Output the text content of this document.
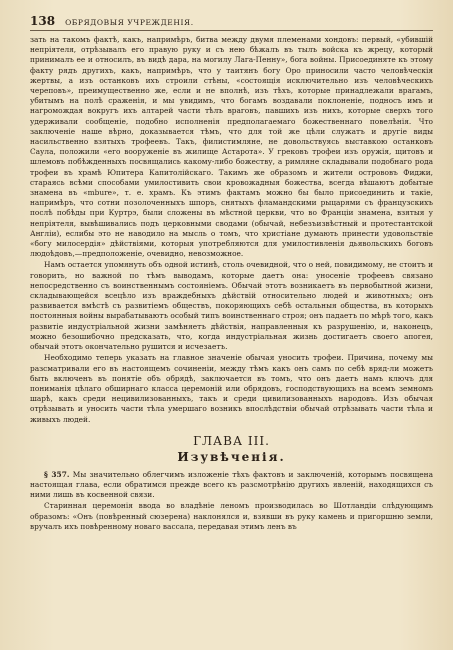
138 ОБРЯДОВЫЯ УЧРЕЖДЕНІЯ.

зать на такомъ фактѣ, какъ, напримѣръ, битва между двумя племенами хондовъ: первый, «убившій непріятеля, отрѣзывалъ его правую руку и съ нею бѣжалъ въ тылъ войска къ жрецу, который принималъ ее и относилъ, въ видѣ дара, на могилу Лага-Пенну», бога войны. Присоединяте къ этому факту рядъ другихъ, какъ, напримѣръ, что у таитянъ богу Оро приносили часто человѣческія жертвы, а изъ останковъ ихъ строили стѣны, «состоящія исключительно изъ человѣческихъ череповъ», преимущественно же, если и не вполнѣ, изъ тѣхъ, которые принадлежали врагамъ, убитымъ на полѣ сраженія, и мы увидимъ, что богамъ воздавали поклоненіе, подносъ имъ и нагромождая вокругъ ихъ алтарей части тѣлъ враговъ, павшихъ изъ нихъ, которые сверхъ того удерживали сообщеніе, подобно исполненія предполагаемаго божественнаго повелѣнія. Что заключеніе наше вѣрно, доказывается тѣмъ, что для той же цѣли служатъ и другіе виды насильственно взятыхъ трофеевъ. Такъ, филистимляне, не довольствуясь выставкою останковъ Саула, положили «его вооруженіе въ жилище Астарота». У грековъ трофеи изъ оружія, щитовъ и шлемовъ побѣжденныхъ посвящались какому-либо божеству, а римляне складывали подобнаго рода трофеи въ храмѣ Юпитера Капитолійскаго. Такимъ же образомъ и жители острововъ Фиджи, стараясь всѣми способами умилостивить свои кровожадныя божества, всегда вѣшаютъ добытые знамена въ «mbure», т. е. храмъ. Къ этимъ фактамъ можно бы было присоединить и такіе, напримѣръ, что сотни позолоченныхъ шпоръ, снятыхъ фламандскими рыцарями съ французскихъ послѣ побѣды при Куртрэ, были сложены въ мѣстной церкви, что во Франціи знамена, взятыя у непріятеля, вывѣшивались подъ церковными сводами (обычай, небезъизвѣстный и протестантской Англіи), еслибы это не наводило на мысль о томъ, что христіане думають принести удовольствіе «богу милосердія» дѣйствіями, которыя употребляются для умилостивленія дьявольскихъ боговъ людоѣдовъ,—предположеніе, очевидно, невозможное.

Намъ остается упомянуть объ одной истинѣ, столь очевидной, что о ней, повидимому, не стоитъ и говорить, но важной по тѣмъ выводамъ, которые даетъ она: уносеніе трофеевъ связано непосредственно съ воинственнымъ состояніемъ. Обычай этотъ возникаетъ въ первобытной жизни, складывающейся всецѣло изъ враждебныхъ дѣйствій относительно людей и животныхъ; онъ развивается вмѣстѣ съ развитіемъ обществъ, покоряющихъ себѣ остальныя общества, въ которыхъ постоянныя войны вырабатываютъ особый типъ воинственнаго строя; онъ падаетъ по мѣрѣ того, какъ развитіе индустріальной жизни замѣняетъ дѣйствія, направленныя къ разрушенію, и, наконецъ, можно безошибочно предсказать, что, когда индустріальная жизнь достигаетъ своего апогея, обычай этотъ окончательно рушится и исчезаетъ.

Необходимо теперь указать на главное значеніе обычая уносить трофеи. Причина, почему мы разсматривали его въ настоящемъ сочиненіи, между тѣмъ какъ онъ самъ по себѣ вряд-ли можетъ быть включенъ въ понятіе объ обрядѣ, заключается въ томъ, что онъ даетъ намъ ключъ для пониманія цѣлаго обширнаго класса церемоній или обрядовъ, господствующихъ на всемъ земномъ шарѣ, какъ среди нецивилизованныхъ, такъ и среди цивилизованныхъ народовъ. Изъ обычая отрѣзывать и уносить части тѣла умершаго возникъ впослѣдствіи обычай отрѣзывать части тѣла и живыхъ людей.

ГЛАВА III.
Изувѣченія.

§ 357. Мы значительно облегчимъ изложеніе тѣхъ фактовъ и заключеній, которымъ посвящена настоящая глава, если обратимся прежде всего къ разсмотрѣнію другихъ явленій, находящихся съ ними лишь въ косвенной связи.

Старинная церемонія ввода во владѣніе леномъ производилась во Шотландіи слѣдующимъ образомъ: «Онъ (повѣренный сюзерена) наклонялся и, взявши въ руку камень и пригоршню земли, вручалъ ихъ повѣренному новаго вассала, передавая этимъ ленъ въ
